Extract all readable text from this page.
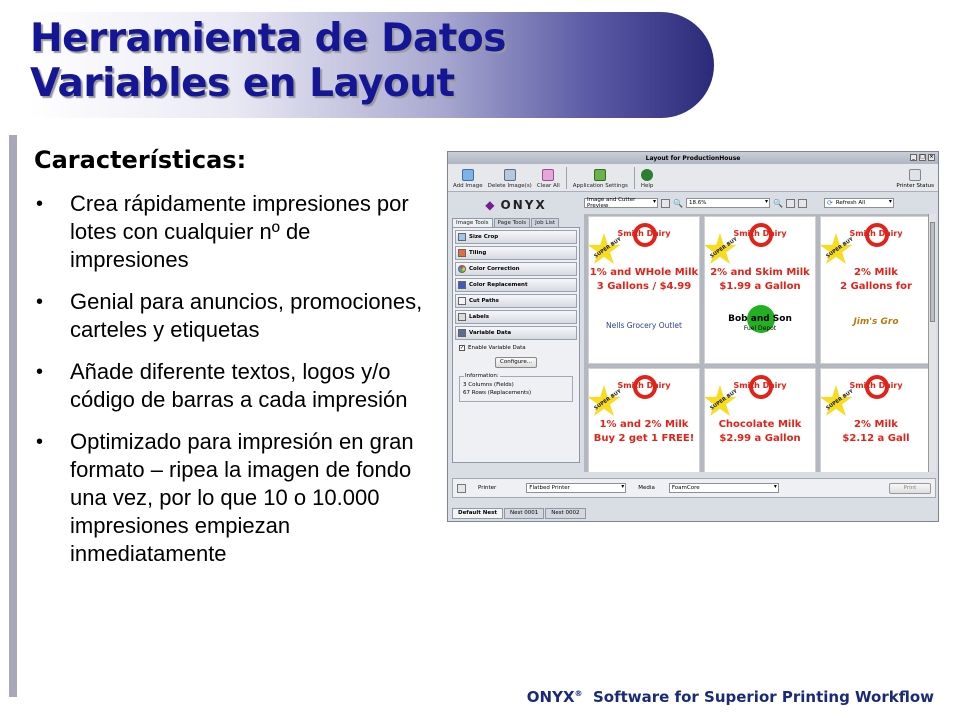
Herramienta de Datos
Variables en Layout
Características:
• Crea rápidamente impresiones por lotes con cualquier nº de impresiones
• Genial para anuncios, promociones, carteles y etiquetas
• Añade diferente textos, logos y/o código de barras a cada impresión
• Optimizado para impresión en gran formato – ripea la imagen de fondo una vez, por lo que 10 o 10.000 impresiones empiezan inmediatamente
ONYX® Software for Superior Printing Workflow
Layout for ProductionHouse	_	□ ×
Add Image Delete Image(s) Clear All Application Settings Help	Printer Status
◆ ONYX
Image Tools	Page Tools	Job List
Size Crop
Tiling
Color Correction
Color Replacement
Cut Paths
Labels
Variable Data
✓ Enable Variable Data
Configure...
Information:
3 Columns (Fields)
67 Rows (Replacements)
Image and Cutter Preview
▾	🔍 18.6%
▾	🔍	⟳ Refresh All
▾
Smith Dairy
SUPER BUY
1% and WHole Milk
3 Gallons / $4.99
Nells Grocery Outlet
Smith Dairy
SUPER BUY
2% and Skim Milk
$1.99 a Gallon
Bob and Son
Fuel Depot
Smith Dairy
SUPER BUY
2% Milk
2 Gallons for
Jim's Gro
Smith Dairy
SUPER BUY
1% and 2% Milk
Buy 2 get 1 FREE!
Smith Dairy
SUPER BUY
Chocolate Milk
$2.99 a Gallon
Smith Dairy
SUPER BUY
2% Milk
$2.12 a Gall
Printer	Flatbed Printer
▾	Media	FoamCore
▾	Print
Default Nest	Nest 0001	Nest 0002
